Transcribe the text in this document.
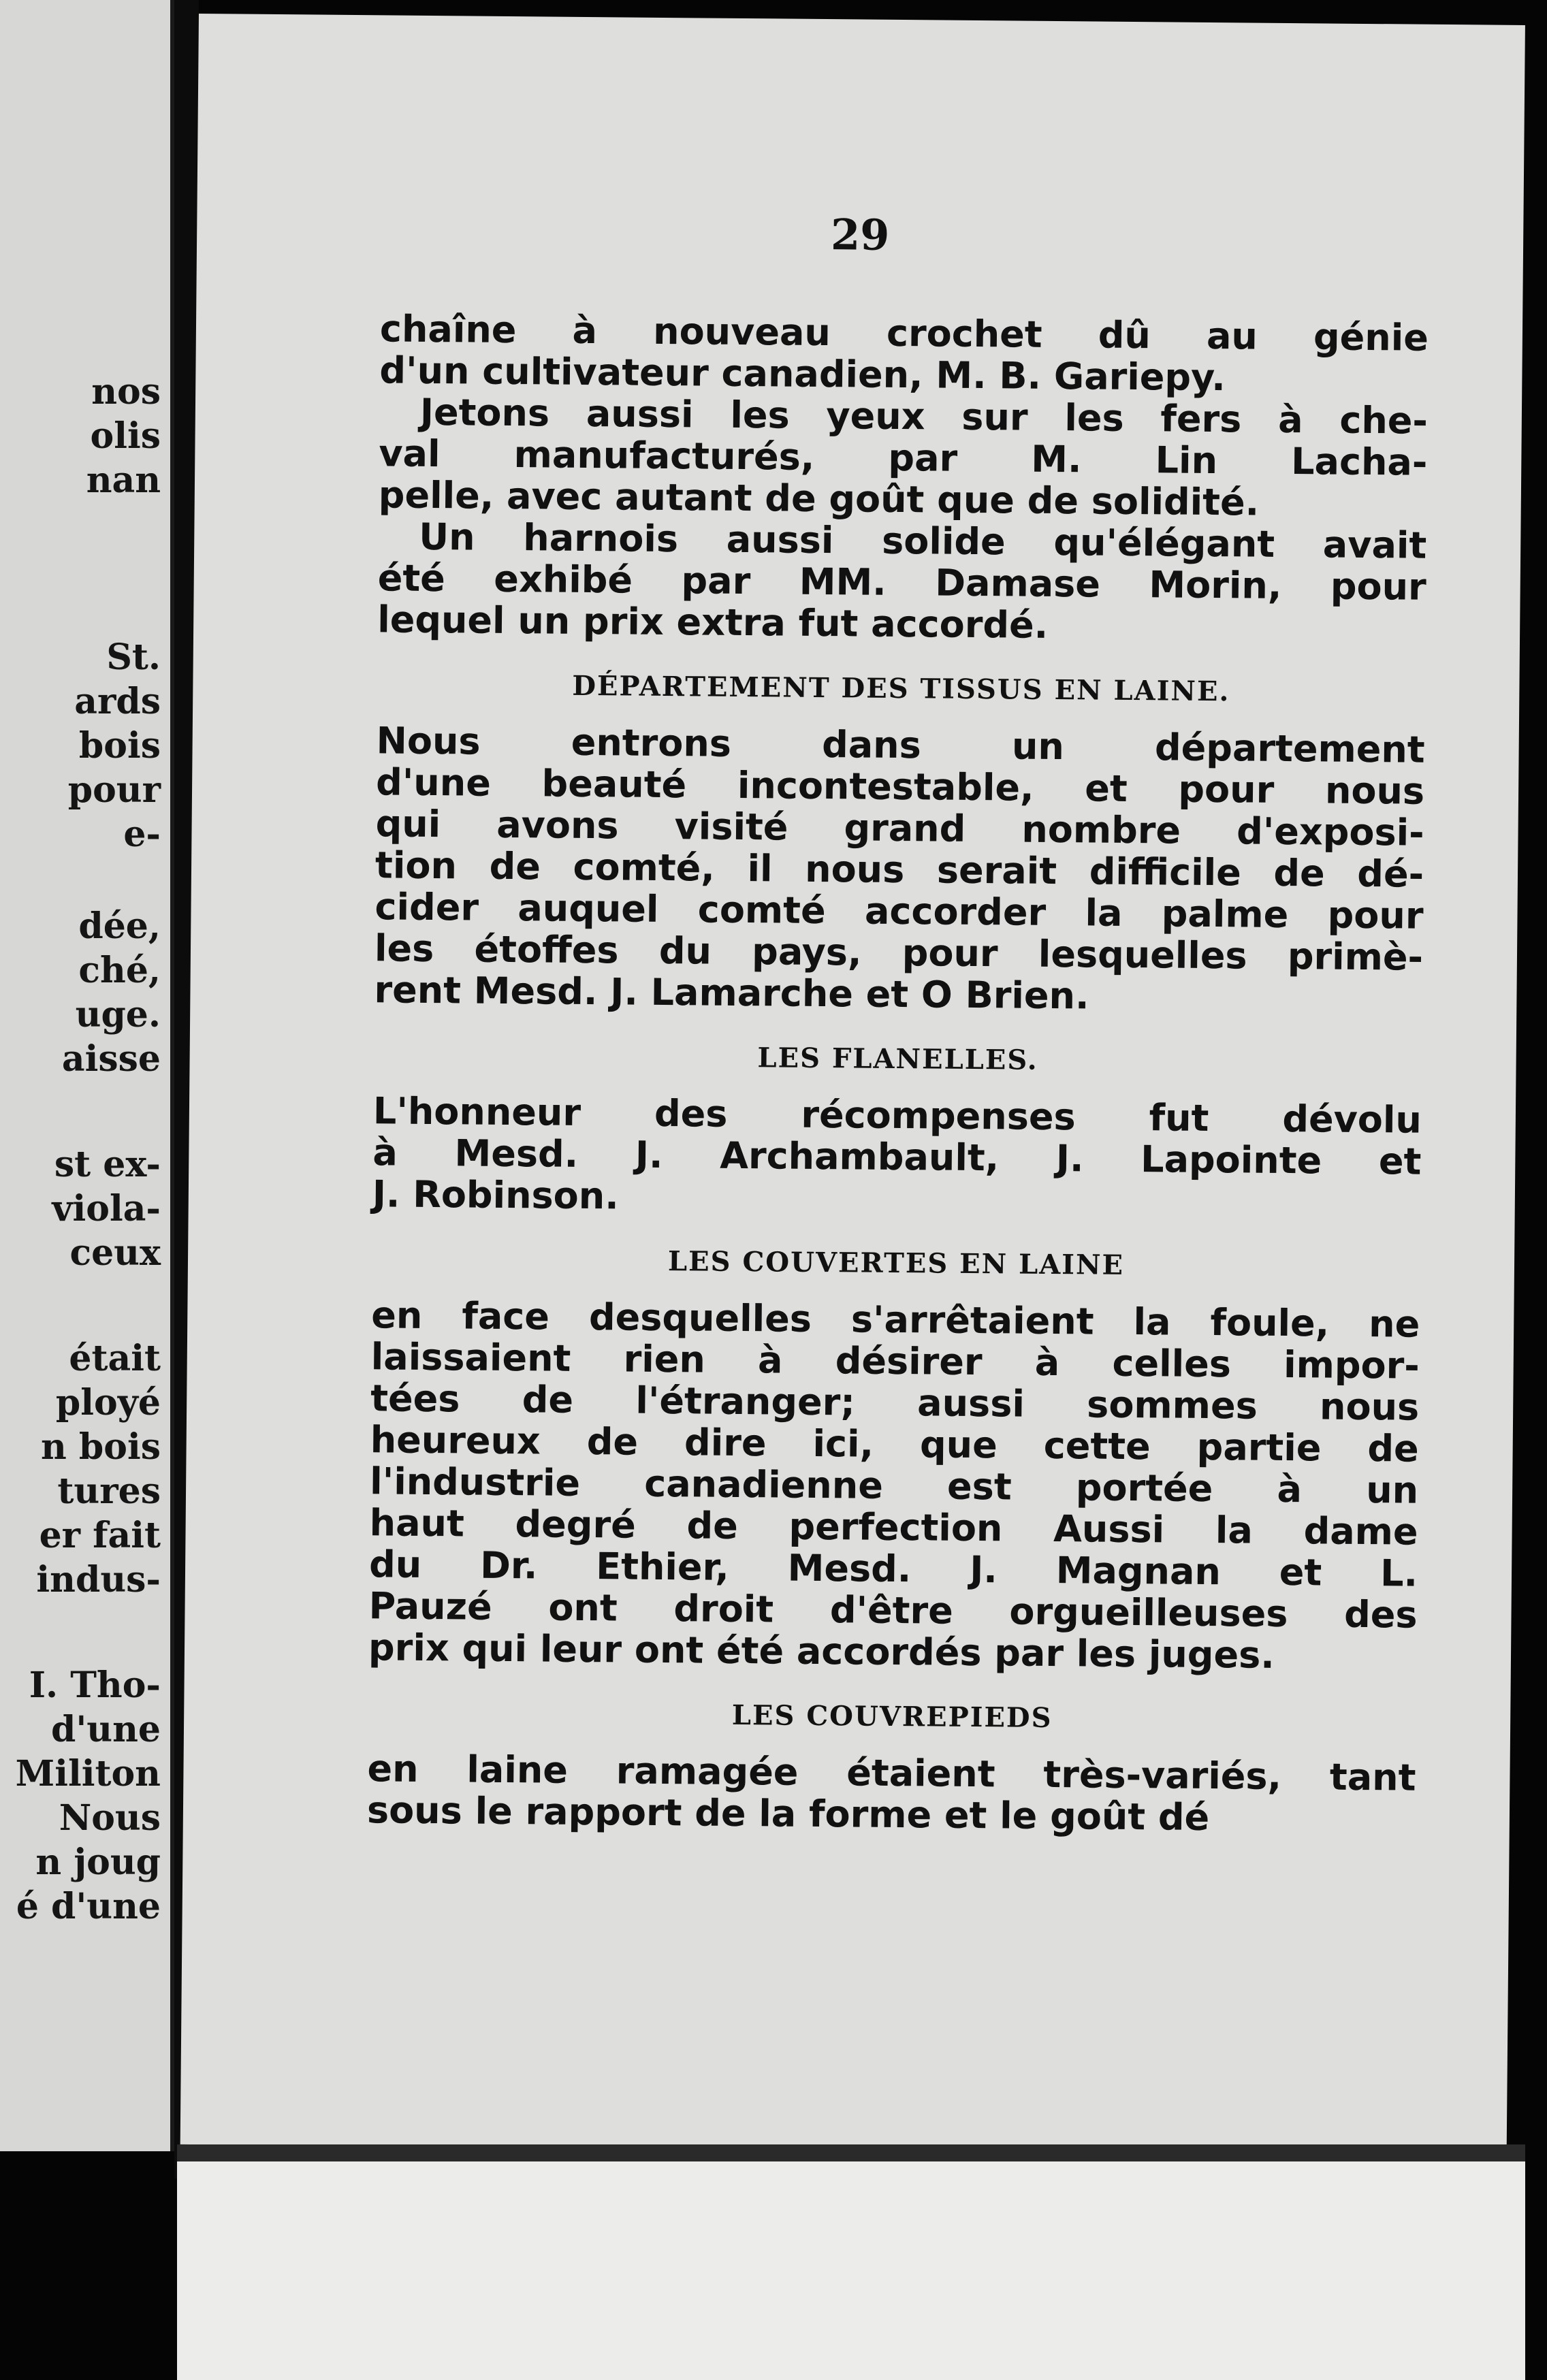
nos
olis
nan
St.
ards
bois
pour
e-
dée,
ché,
uge.
aisse
st ex-
viola-
ceux
était
ployé
n bois
tures
er fait
indus-
I. Tho-
d'une
Militon
Nous
n joug
é d'une
29
chaîne à nouveau crochet dû au génie
d'un cultivateur canadien, M. B. Gariepy.
Jetons aussi les yeux sur les fers à che-
val manufacturés, par M. Lin Lacha-
pelle, avec autant de goût que de solidité.
Un harnois aussi solide qu'élégant avait
été exhibé par MM. Damase Morin, pour
lequel un prix extra fut accordé.
DÉPARTEMENT DES TISSUS EN LAINE.
Nous entrons dans un département
d'une beauté incontestable, et pour nous
qui avons visité grand nombre d'exposi-
tion de comté, il nous serait difficile de dé-
cider auquel comté accorder la palme pour
les étoffes du pays, pour lesquelles primè-
rent Mesd. J. Lamarche et O Brien.
LES FLANELLES.
L'honneur des récompenses fut dévolu
à Mesd. J. Archambault, J. Lapointe et
J. Robinson.
LES COUVERTES EN LAINE
en face desquelles s'arrêtaient la foule, ne
laissaient rien à désirer à celles impor-
tées de l'étranger; aussi sommes nous
heureux de dire ici, que cette partie de
l'industrie canadienne est portée à un
haut degré de perfection Aussi la dame
du Dr. Ethier, Mesd. J. Magnan et L.
Pauzé ont droit d'être orgueilleuses des
prix qui leur ont été accordés par les juges.
LES COUVREPIEDS
en laine ramagée étaient très-variés, tant
sous le rapport de la forme et le goût dé
